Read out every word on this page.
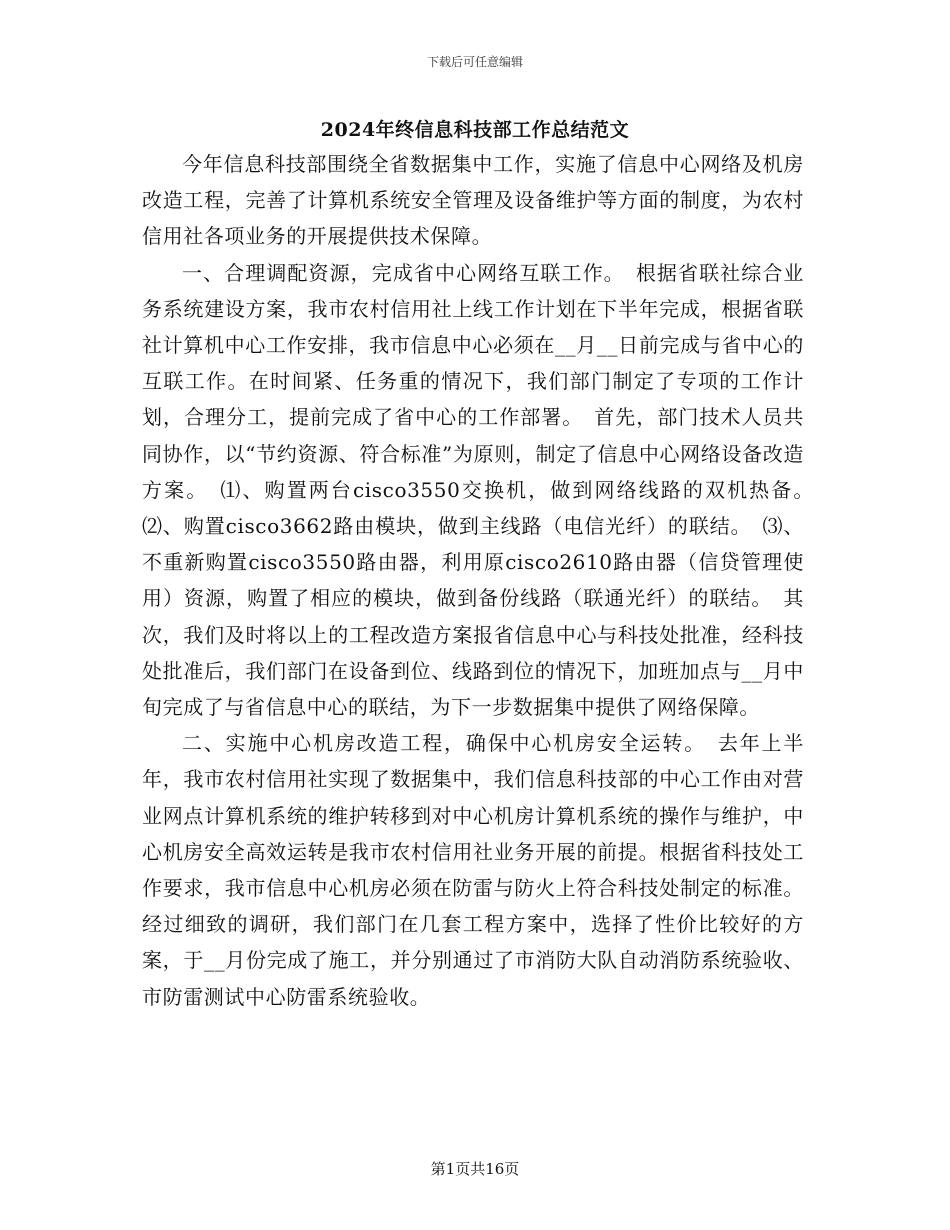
下载后可任意编辑
2024年终信息科技部工作总结范文

今年信息科技部围绕全省数据集中工作，实施了信息中心网络及机房改造工程，完善了计算机系统安全管理及设备维护等方面的制度，为农村信用社各项业务的开展提供技术保障。

一、合理调配资源，完成省中心网络互联工作。　根据省联社综合业务系统建设方案，我市农村信用社上线工作计划在下半年完成，根据省联社计算机中心工作安排，我市信息中心必须在__月__日前完成与省中心的互联工作。在时间紧、任务重的情况下，我们部门制定了专项的工作计划，合理分工，提前完成了省中心的工作部署。　首先，部门技术人员共同协作，以“节约资源、符合标准”为原则，制定了信息中心网络设备改造方案。　⑴、购置两台cisco3550交换机，做到网络线路的双机热备。　⑵、购置cisco3662路由模块，做到主线路（电信光纤）的联结。　⑶、不重新购置cisco3550路由器，利用原cisco2610路由器（信贷管理使用）资源，购置了相应的模块，做到备份线路（联通光纤）的联结。　其次，我们及时将以上的工程改造方案报省信息中心与科技处批准，经科技处批准后，我们部门在设备到位、线路到位的情况下，加班加点与__月中旬完成了与省信息中心的联结，为下一步数据集中提供了网络保障。

二、实施中心机房改造工程，确保中心机房安全运转。　去年上半年，我市农村信用社实现了数据集中，我们信息科技部的中心工作由对营业网点计算机系统的维护转移到对中心机房计算机系统的操作与维护，中心机房安全高效运转是我市农村信用社业务开展的前提。根据省科技处工作要求，我市信息中心机房必须在防雷与防火上符合科技处制定的标准。经过细致的调研，我们部门在几套工程方案中，选择了性价比较好的方案，于__月份完成了施工，并分别通过了市消防大队自动消防系统验收、市防雷测试中心防雷系统验收。

第1页共16页
